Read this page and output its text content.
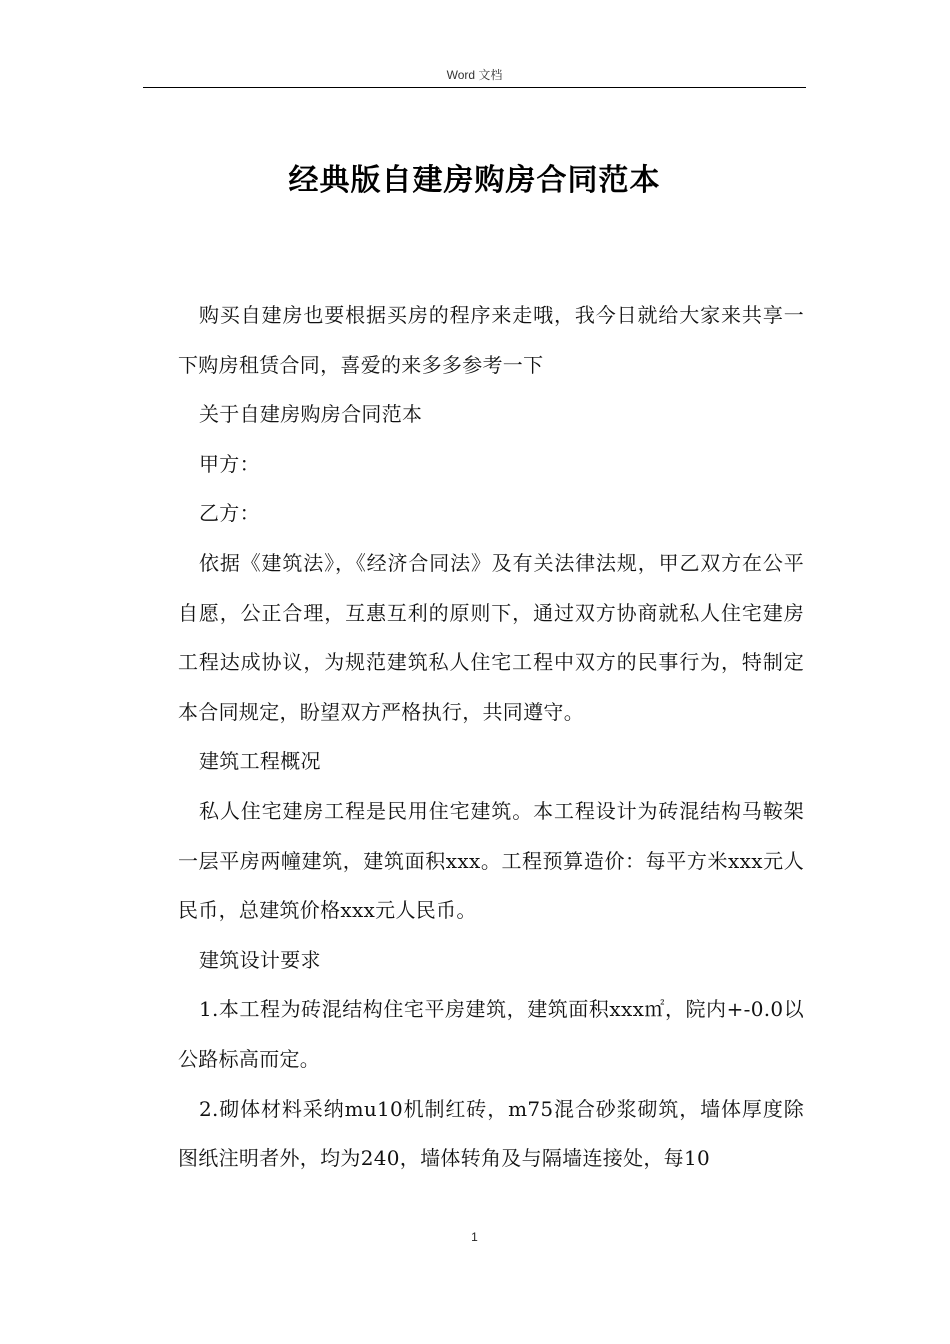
Word 文档
经典版自建房购房合同范本

购买自建房也要根据买房的程序来走哦，我今日就给大家来共享一下购房租赁合同，喜爱的来多多参考一下

关于自建房购房合同范本

甲方：

乙方：

依据《建筑法》，《经济合同法》及有关法律法规，甲乙双方在公平自愿，公正合理，互惠互利的原则下，通过双方协商就私人住宅建房工程达成协议，为规范建筑私人住宅工程中双方的民事行为，特制定本合同规定，盼望双方严格执行，共同遵守。

建筑工程概况

私人住宅建房工程是民用住宅建筑。本工程设计为砖混结构马鞍架一层平房两幢建筑，建筑面积xxx。工程预算造价：每平方米xxx元人民币，总建筑价格xxx元人民币。

建筑设计要求

1.本工程为砖混结构住宅平房建筑，建筑面积xxx㎡，院内+-0.0以公路标高而定。

2.砌体材料采纳mu10机制红砖，m75混合砂浆砌筑，墙体厚度除图纸注明者外，均为240，墙体转角及与隔墙连接处，每10

1
